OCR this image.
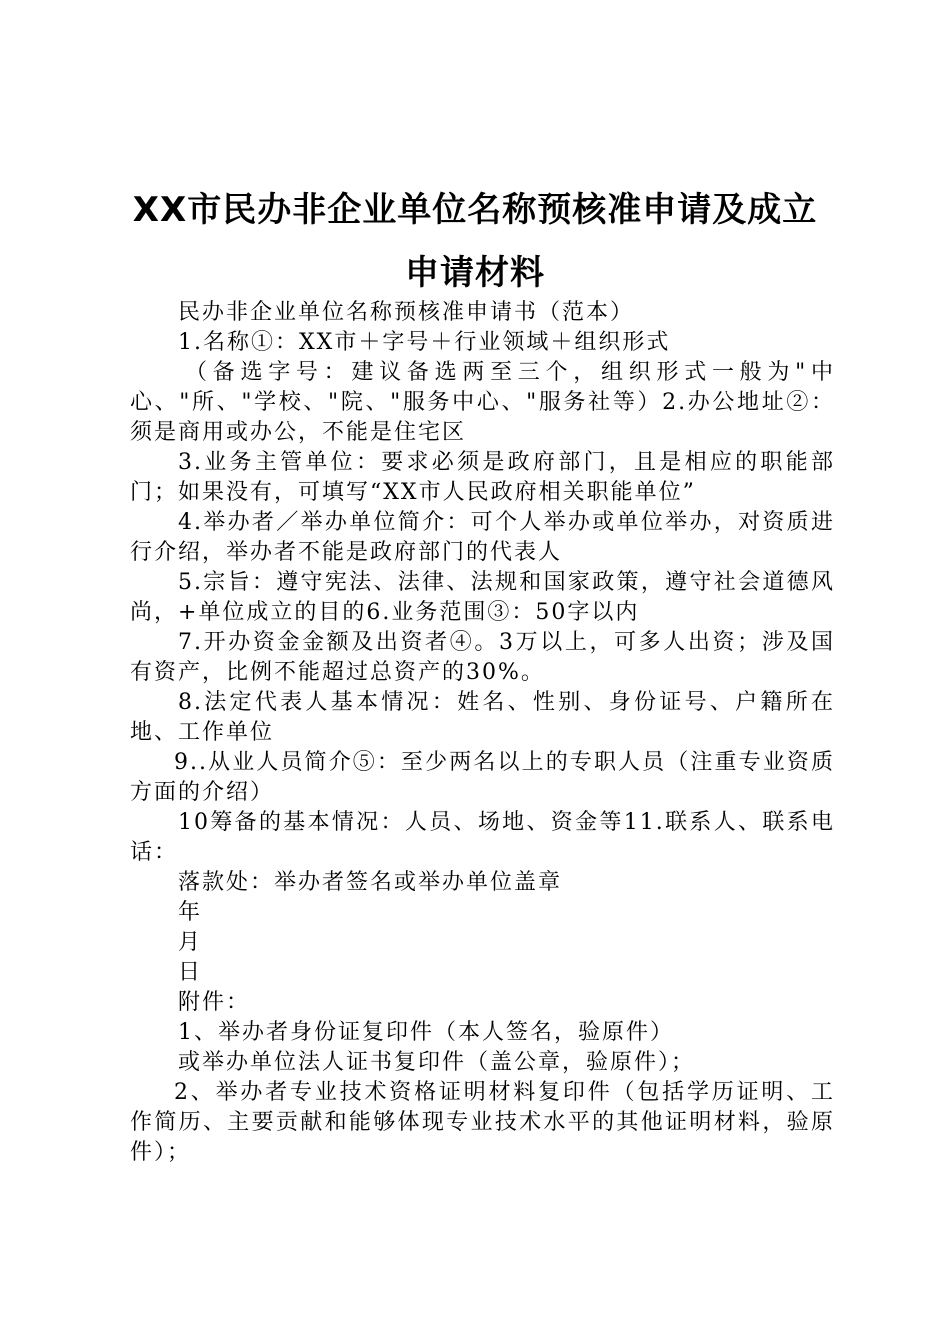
XX市民办非企业单位名称预核准申请及成立
申请材料

民办非企业单位名称预核准申请书（范本）

1.名称①：XX市＋字号＋行业领域＋组织形式

（备选字号：建议备选两至三个，组织形式一般为"中心、"所、"学校、"院、"服务中心、"服务社等）2.办公地址②：须是商用或办公，不能是住宅区

3.业务主管单位：要求必须是政府部门，且是相应的职能部门；如果没有，可填写“XX市人民政府相关职能单位”

4.举办者／举办单位简介：可个人举办或单位举办，对资质进行介绍，举办者不能是政府部门的代表人

5.宗旨：遵守宪法、法律、法规和国家政策，遵守社会道德风尚，+单位成立的目的6.业务范围③：50字以内

7.开办资金金额及出资者④。3万以上，可多人出资；涉及国有资产，比例不能超过总资产的30%。

8.法定代表人基本情况：姓名、性别、身份证号、户籍所在地、工作单位

9..从业人员简介⑤：至少两名以上的专职人员（注重专业资质方面的介绍）

10筹备的基本情况：人员、场地、资金等11.联系人、联系电话：

落款处：举办者签名或举办单位盖章

年

月

日

附件：

1、举办者身份证复印件（本人签名，验原件）

或举办单位法人证书复印件（盖公章，验原件）；

2、举办者专业技术资格证明材料复印件（包括学历证明、工作简历、主要贡献和能够体现专业技术水平的其他证明材料，验原件）；
